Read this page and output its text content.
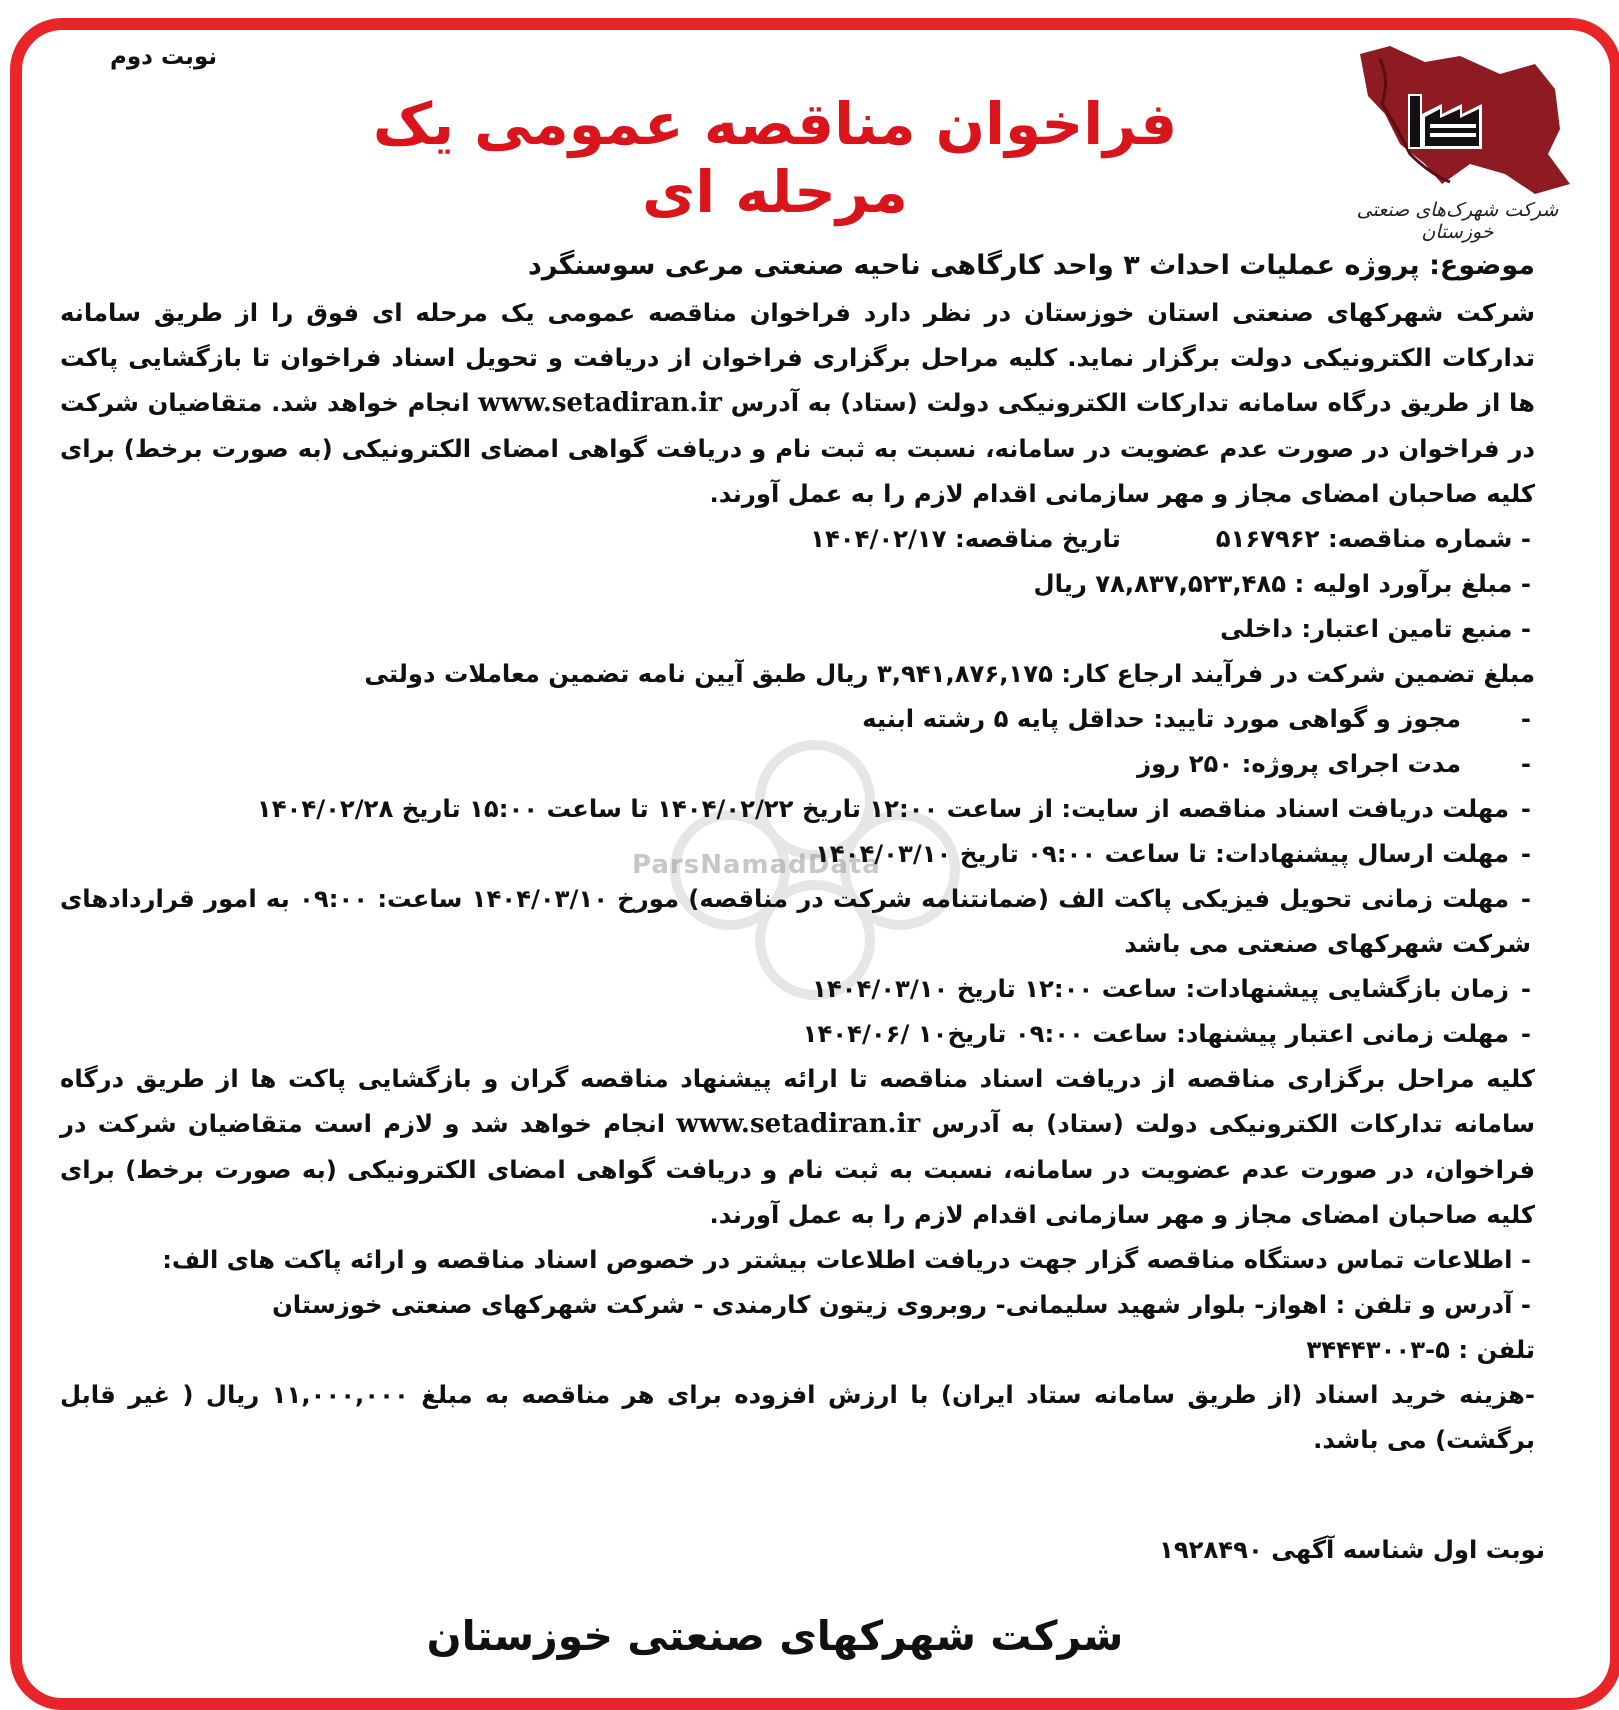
شرکت شهرک‌های صنعتی خوزستان
نوبت دوم
فراخوان مناقصه عمومی یک مرحله ای
ParsNamadData

موضوع: پروژه عملیات احداث ۳ واحد کارگاهی ناحیه صنعتی مرعی سوسنگرد

شرکت شهرکهای صنعتی استان خوزستان در نظر دارد فراخوان مناقصه عمومی یک مرحله ای فوق را از طریق سامانه تدارکات الکترونیکی دولت برگزار نماید. کلیه مراحل برگزاری فراخوان از دریافت و تحویل اسناد فراخوان تا بازگشایی پاکت ها از طریق درگاه سامانه تدارکات الکترونیکی دولت (ستاد) به آدرس www.setadiran.ir انجام خواهد شد. متقاضیان شرکت در فراخوان در صورت عدم عضویت در سامانه، نسبت به ثبت نام و دریافت گواهی امضای الکترونیکی (به صورت برخط) برای کلیه صاحبان امضای مجاز و مهر سازمانی اقدام لازم را به عمل آورند.

- شماره مناقصه: ۵۱۶۷۹۶۲تاریخ مناقصه: ۱۴۰۴/۰۲/۱۷

- مبلغ برآورد اولیه : ۷۸,۸۳۷,۵۲۳,۴۸۵ ریال

- منبع تامین اعتبار: داخلی

مبلغ تضمین شرکت در فرآیند ارجاع کار: ۳,۹۴۱,۸۷۶,۱۷۵ ریال طبق آیین نامه تضمین معاملات دولتی

-مجوز و گواهی مورد تایید: حداقل پایه ۵ رشته ابنیه

-مدت اجرای پروژه: ۲۵۰ روز

-مهلت دریافت اسناد مناقصه از سایت: از ساعت ۱۲:۰۰ تاریخ ۱۴۰۴/۰۲/۲۲ تا ساعت ۱۵:۰۰ تاریخ ۱۴۰۴/۰۲/۲۸

-مهلت ارسال پیشنهادات: تا ساعت ۰۹:۰۰ تاریخ ۱۴۰۴/۰۳/۱۰

-مهلت زمانی تحویل فیزیکی پاکت الف (ضمانتنامه شرکت در مناقصه) مورخ ۱۴۰۴/۰۳/۱۰ ساعت: ۰۹:۰۰ به امور قراردادهای شرکت شهرکهای صنعتی می باشد

-زمان بازگشایی پیشنهادات: ساعت ۱۲:۰۰ تاریخ ۱۴۰۴/۰۳/۱۰

-مهلت زمانی اعتبار پیشنهاد: ساعت ۰۹:۰۰ تاریخ۱۰ /۱۴۰۴/۰۶

کلیه مراحل برگزاری مناقصه از دریافت اسناد مناقصه تا ارائه پیشنهاد مناقصه گران و بازگشایی پاکت ها از طریق درگاه سامانه تدارکات الکترونیکی دولت (ستاد) به آدرس www.setadiran.ir انجام خواهد شد و لازم است متقاضیان شرکت در فراخوان، در صورت عدم عضویت در سامانه، نسبت به ثبت نام و دریافت گواهی امضای الکترونیکی (به صورت برخط) برای کلیه صاحبان امضای مجاز و مهر سازمانی اقدام لازم را به عمل آورند.

- اطلاعات تماس دستگاه مناقصه گزار جهت دریافت اطلاعات بیشتر در خصوص اسناد مناقصه و ارائه پاکت های الف:

- آدرس و تلفن : اهواز- بلوار شهید سلیمانی- روبروی زیتون کارمندی - شرکت شهرکهای صنعتی خوزستان

تلفن : ۵-۳۴۴۴۳۰۰۳

-هزینه خرید اسناد (از طریق سامانه ستاد ایران) با ارزش افزوده برای هر مناقصه به مبلغ ۱۱,۰۰۰,۰۰۰ ریال ( غیر قابل برگشت) می باشد.

نوبت اول شناسه آگهی ۱۹۲۸۴۹۰
شرکت شهرکهای صنعتی خوزستان
